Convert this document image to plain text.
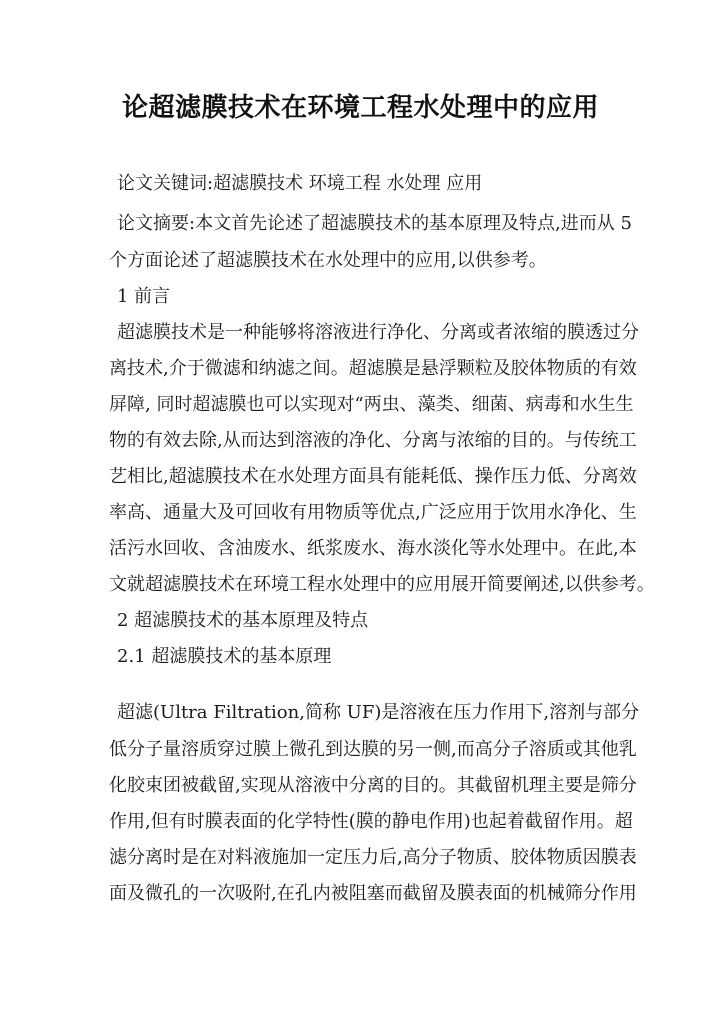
论超滤膜技术在环境工程水处理中的应用
论文关键词:超滤膜技术 环境工程 水处理 应用
论文摘要:本文首先论述了超滤膜技术的基本原理及特点,进而从 5
个方面论述了超滤膜技术在水处理中的应用,以供参考。
1 前言
超滤膜技术是一种能够将溶液进行净化、分离或者浓缩的膜透过分
离技术,介于微滤和纳滤之间。超滤膜是悬浮颗粒及胶体物质的有效
屏障, 同时超滤膜也可以实现对“两虫、藻类、细菌、病毒和水生生
物的有效去除,从而达到溶液的净化、分离与浓缩的目的。与传统工
艺相比,超滤膜技术在水处理方面具有能耗低、操作压力低、分离效
率高、通量大及可回收有用物质等优点,广泛应用于饮用水净化、生
活污水回收、含油废水、纸浆废水、海水淡化等水处理中。在此,本
文就超滤膜技术在环境工程水处理中的应用展开简要阐述,以供参考。
2 超滤膜技术的基本原理及特点
2.1 超滤膜技术的基本原理
超滤(Ultra Filtration,简称 UF)是溶液在压力作用下,溶剂与部分
低分子量溶质穿过膜上微孔到达膜的另一侧,而高分子溶质或其他乳
化胶束团被截留,实现从溶液中分离的目的。其截留机理主要是筛分
作用,但有时膜表面的化学特性(膜的静电作用)也起着截留作用。超
滤分离时是在对料液施加一定压力后,高分子物质、胶体物质因膜表
面及微孔的一次吸附,在孔内被阻塞而截留及膜表面的机械筛分作用
